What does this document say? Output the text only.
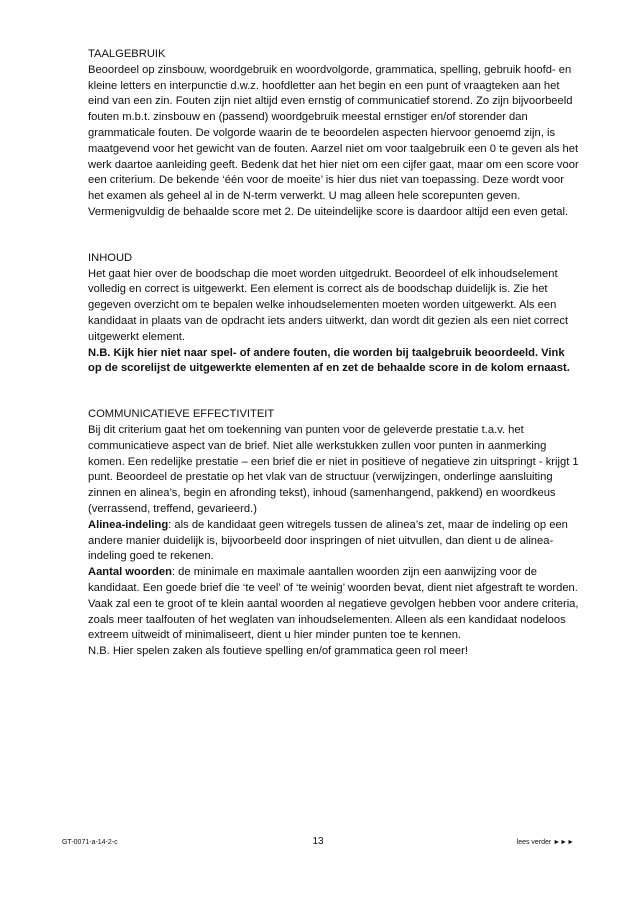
TAALGEBRUIK

Beoordeel op zinsbouw, woordgebruik en woordvolgorde, grammatica, spelling, gebruik hoofd- en kleine letters en interpunctie d.w.z. hoofdletter aan het begin en een punt of vraagteken aan het eind van een zin. Fouten zijn niet altijd even ernstig of communicatief storend. Zo zijn bijvoorbeeld fouten m.b.t. zinsbouw en (passend) woordgebruik meestal ernstiger en/of storender dan grammaticale fouten. De volgorde waarin de te beoordelen aspecten hiervoor genoemd zijn, is maatgevend voor het gewicht van de fouten. Aarzel niet om voor taalgebruik een 0 te geven als het werk daartoe aanleiding geeft. Bedenk dat het hier niet om een cijfer gaat, maar om een score voor een criterium. De bekende ‘één voor de moeite’ is hier dus niet van toepassing. Deze wordt voor het examen als geheel al in de N-term verwerkt. U mag alleen hele scorepunten geven. Vermenigvuldig de behaalde score met 2. De uiteindelijke score is daardoor altijd een even getal.

INHOUD

Het gaat hier over de boodschap die moet worden uitgedrukt. Beoordeel of elk inhoudselement volledig en correct is uitgewerkt. Een element is correct als de boodschap duidelijk is. Zie het gegeven overzicht om te bepalen welke inhoudselementen moeten worden uitgewerkt. Als een kandidaat in plaats van de opdracht iets anders uitwerkt, dan wordt dit gezien als een niet correct uitgewerkt element.

N.B. Kijk hier niet naar spel- of andere fouten, die worden bij taalgebruik beoordeeld. Vink op de scorelijst de uitgewerkte elementen af en zet de behaalde score in de kolom ernaast.

COMMUNICATIEVE EFFECTIVITEIT

Bij dit criterium gaat het om toekenning van punten voor de geleverde prestatie t.a.v. het communicatieve aspect van de brief. Niet alle werkstukken zullen voor punten in aanmerking komen. Een redelijke prestatie – een brief die er niet in positieve of negatieve zin uitspringt - krijgt 1 punt. Beoordeel de prestatie op het vlak van de structuur (verwijzingen, onderlinge aansluiting zinnen en alinea’s, begin en afronding tekst), inhoud (samenhangend, pakkend) en woordkeus (verrassend, treffend, gevarieerd.)

Alinea-indeling: als de kandidaat geen witregels tussen de alinea’s zet, maar de indeling op een andere manier duidelijk is, bijvoorbeeld door inspringen of niet uitvullen, dan dient u de alinea-indeling goed te rekenen.

Aantal woorden: de minimale en maximale aantallen woorden zijn een aanwijzing voor de kandidaat. Een goede brief die ‘te veel’ of ‘te weinig’ woorden bevat, dient niet afgestraft te worden. Vaak zal een te groot of te klein aantal woorden al negatieve gevolgen hebben voor andere criteria, zoals meer taalfouten of het weglaten van inhoudselementen. Alleen als een kandidaat nodeloos extreem uitweidt of minimaliseert, dient u hier minder punten toe te kennen.

N.B. Hier spelen zaken als foutieve spelling en/of grammatica geen rol meer!

GT-0071-a-14-2-c	13	lees verder ►►►
